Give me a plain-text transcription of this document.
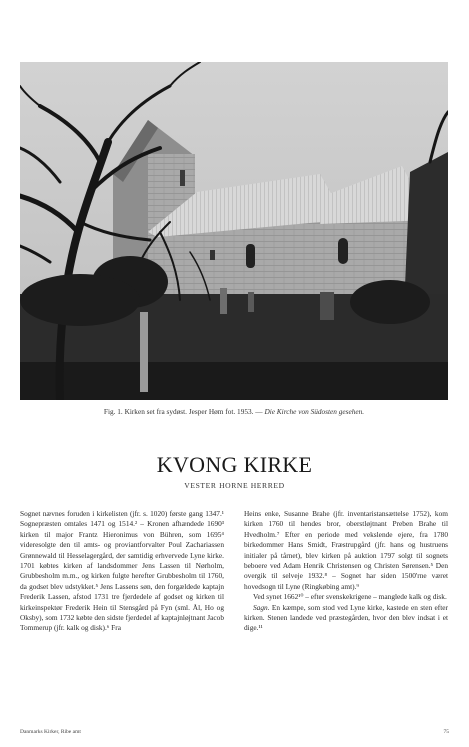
Fig. 1. Kirken set fra sydøst. Jesper Høm fot. 1953. — Die Kirche von Südosten gesehen.
KVONG KIRKE
VESTER HORNE HERRED

Sognet nævnes foruden i kirkelisten (jfr. s. 1020) første gang 1347.¹ Sognepræsten omtales 1471 og 1514.² – Kronen afhændede 1690³ kirken til major Frantz Hieronimus von Bühren, som 1695⁴ videresolgte den til amts- og proviantforvalter Poul Zachariassen Grønnewald til Hesselagergård, der samtidig erhvervede Lyne kirke. 1701 købtes kirken af landsdommer Jens Lassen til Nørholm, Grubbesholm m.m., og kirken fulgte herefter Grubbesholm til 1760, da godset blev udstykket.⁵ Jens Lassens søn, den forgældede kaptajn Frederik Lassen, afstod 1731 tre fjerdedele af godset og kirken til kirkeinspektør Frederik Hein til Stensgård på Fyn (sml. Ål, Ho og Oksby), som 1732 købte den sidste fjerdedel af kaptajnløjtnant Jacob Tommerup (jfr. kalk og disk).⁶ Fra

Heins enke, Susanne Brahe (jfr. inventaristansættelse 1752), kom kirken 1760 til hendes bror, oberstløjtnant Preben Brahe til Hvedholm.⁷ Efter en periode med vekslende ejere, fra 1780 birkedommer Hans Smidt, Fræstrupgård (jfr. hans og hustruens initialer på tårnet), blev kirken på auktion 1797 solgt til sognets beboere ved Adam Henrik Christensen og Christen Sørensen.⁵ Den overgik til selveje 1932.⁸ – Sognet har siden 1500'rne været hovedsogn til Lyne (Ringkøbing amt).⁹

Ved synet 1662¹⁰ – efter svenskekrigene – manglede kalk og disk.

Sagn. En kæmpe, som stod ved Lyne kirke, kastede en sten efter kirken. Stenen landede ved præstegården, hvor den blev indsat i et dige.¹¹

Danmarks Kirker, Ribe amt	75
